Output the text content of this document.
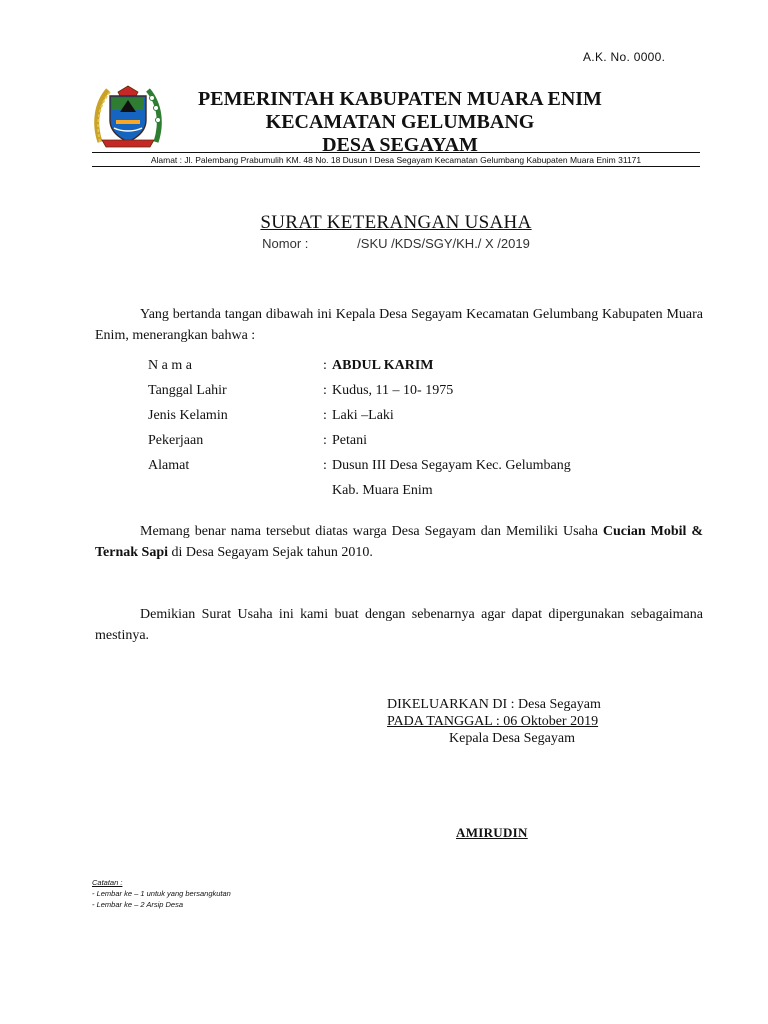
A.K. No. 0000.
PEMERINTAH KABUPATEN MUARA ENIM
KECAMATAN GELUMBANG
DESA SEGAYAM
Alamat : Jl. Palembang Prabumulih KM. 48 No. 18 Dusun I Desa Segayam Kecamatan Gelumbang Kabupaten Muara Enim 31171
SURAT KETERANGAN USAHA
Nomor :	/SKU /KDS/SGY/KH./ X /2019
Yang bertanda tangan dibawah ini Kepala Desa Segayam Kecamatan Gelumbang Kabupaten Muara Enim, menerangkan bahwa :
N a m a	: ABDUL KARIM
Tanggal Lahir	: Kudus, 11 – 10- 1975
Jenis Kelamin	: Laki –Laki
Pekerjaan	: Petani
Alamat	: Dusun III Desa Segayam Kec. Gelumbang
Kab. Muara Enim
Memang benar nama tersebut diatas warga Desa Segayam dan Memiliki Usaha Cucian Mobil & Ternak Sapi di Desa Segayam Sejak tahun 2010.
Demikian Surat Usaha ini kami buat dengan sebenarnya agar dapat dipergunakan sebagaimana mestinya.
DIKELUARKAN DI : Desa Segayam
PADA TANGGAL : 06 Oktober 2019
Kepala Desa Segayam
AMIRUDIN
Catatan :
- Lembar ke – 1 untuk yang bersangkutan
- Lembar ke – 2 Arsip Desa
